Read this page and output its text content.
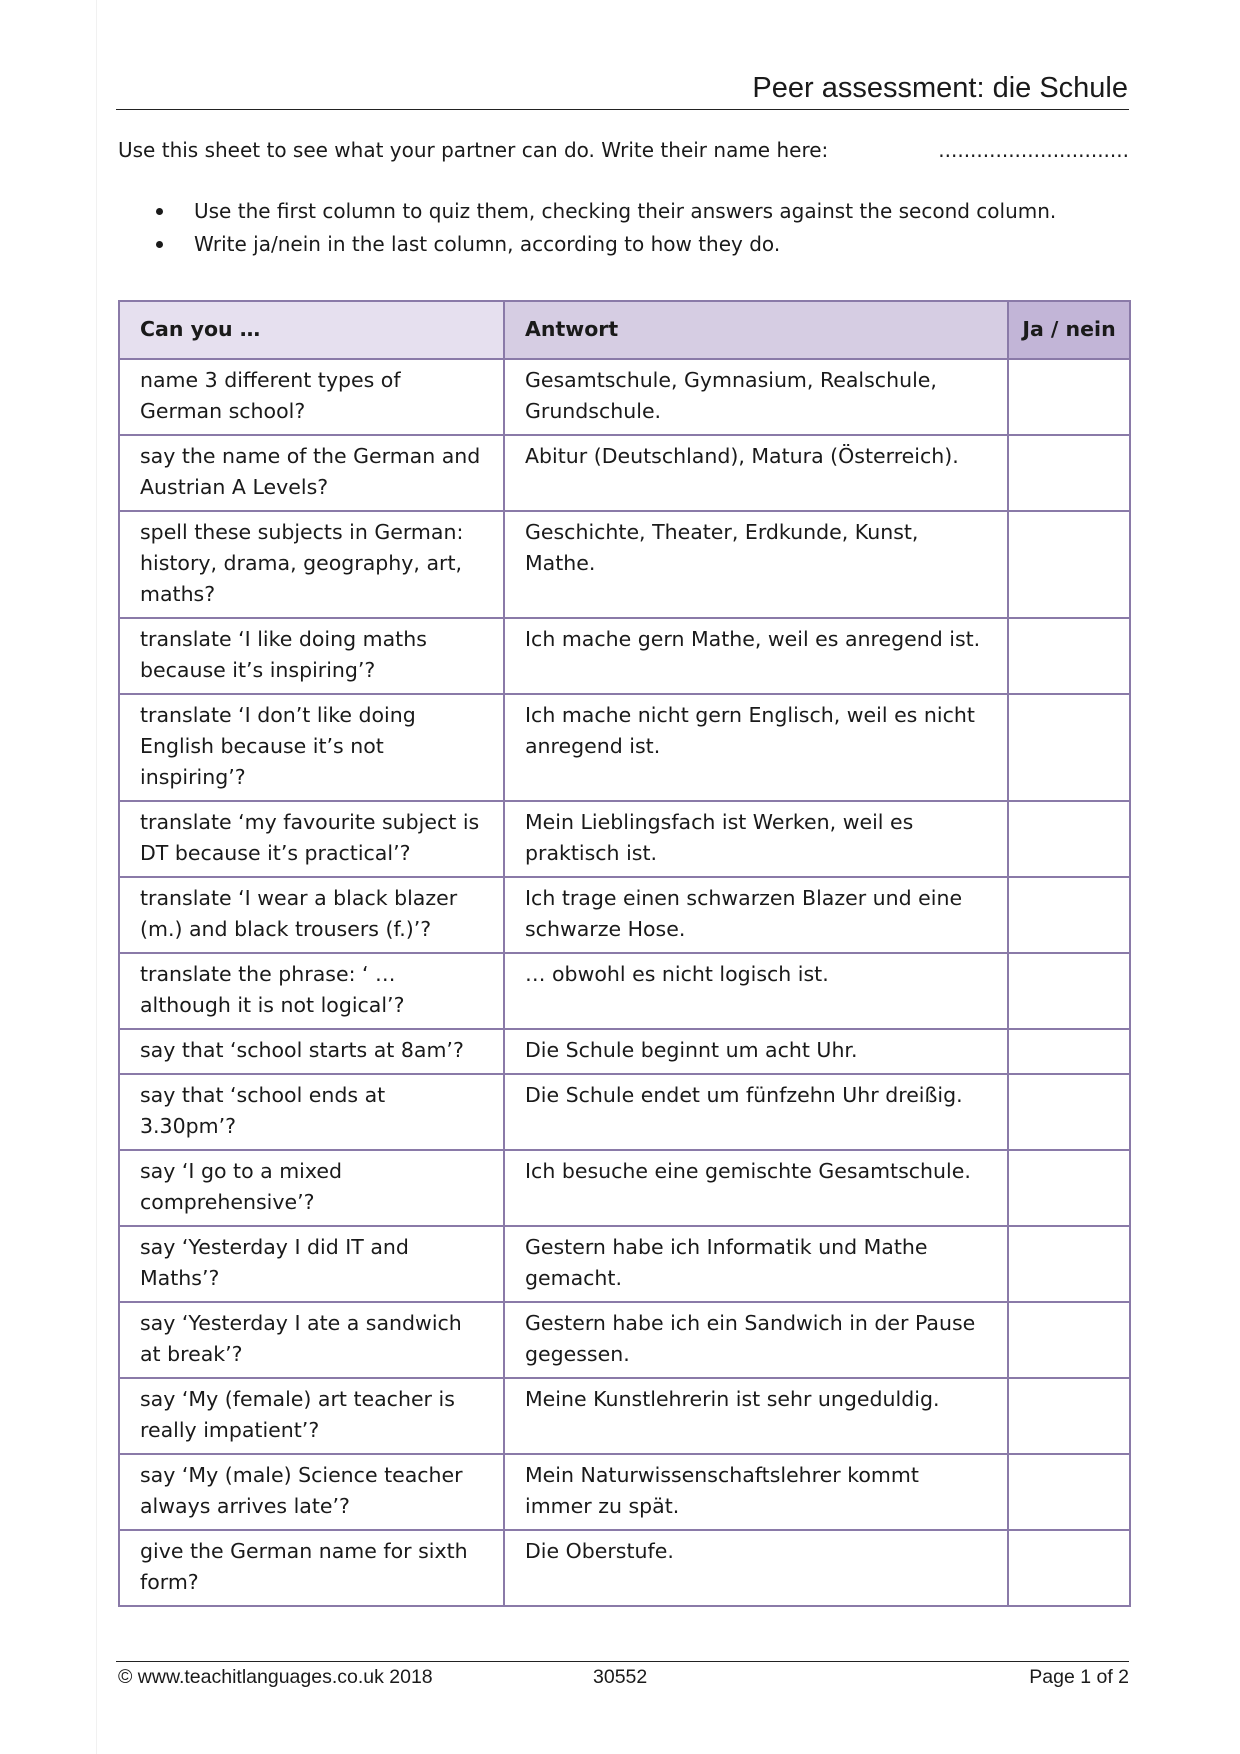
Peer assessment: die Schule
Use this sheet to see what your partner can do. Write their name here:	..............................
Use the first column to quiz them, checking their answers against the second column.
Write ja/nein in the last column, according to how they do.
Can you …	Antwort	Ja / nein
name 3 different types of German school?	Gesamtschule, Gymnasium, Realschule, Grundschule.	
say the name of the German and Austrian A Levels?	Abitur (Deutschland), Matura (Österreich).	
spell these subjects in German: history, drama, geography, art, maths?	Geschichte, Theater, Erdkunde, Kunst, Mathe.	
translate ‘I like doing maths because it’s inspiring’?	Ich mache gern Mathe, weil es anregend ist.	
translate ‘I don’t like doing English because it’s not inspiring’?	Ich mache nicht gern Englisch, weil es nicht anregend ist.	
translate ‘my favourite subject is DT because it’s practical’?	Mein Lieblingsfach ist Werken, weil es praktisch ist.	
translate ‘I wear a black blazer (m.) and black trousers (f.)’?	Ich trage einen schwarzen Blazer und eine schwarze Hose.	
translate the phrase: ‘ … although it is not logical’?	… obwohl es nicht logisch ist.	
say that ‘school starts at 8am’?	Die Schule beginnt um acht Uhr.	
say that ‘school ends at 3.30pm’?	Die Schule endet um fünfzehn Uhr dreißig.	
say ‘I go to a mixed comprehensive’?	Ich besuche eine gemischte Gesamtschule.	
say ‘Yesterday I did IT and Maths’?	Gestern habe ich Informatik und Mathe gemacht.	
say ‘Yesterday I ate a sandwich at break’?	Gestern habe ich ein Sandwich in der Pause gegessen.	
say ‘My (female) art teacher is really impatient’?	Meine Kunstlehrerin ist sehr ungeduldig.	
say ‘My (male) Science teacher always arrives late’?	Mein Naturwissenschaftslehrer kommt immer zu spät.	
give the German name for sixth form?	Die Oberstufe.	
© www.teachitlanguages.co.uk 2018	30552	Page 1 of 2
